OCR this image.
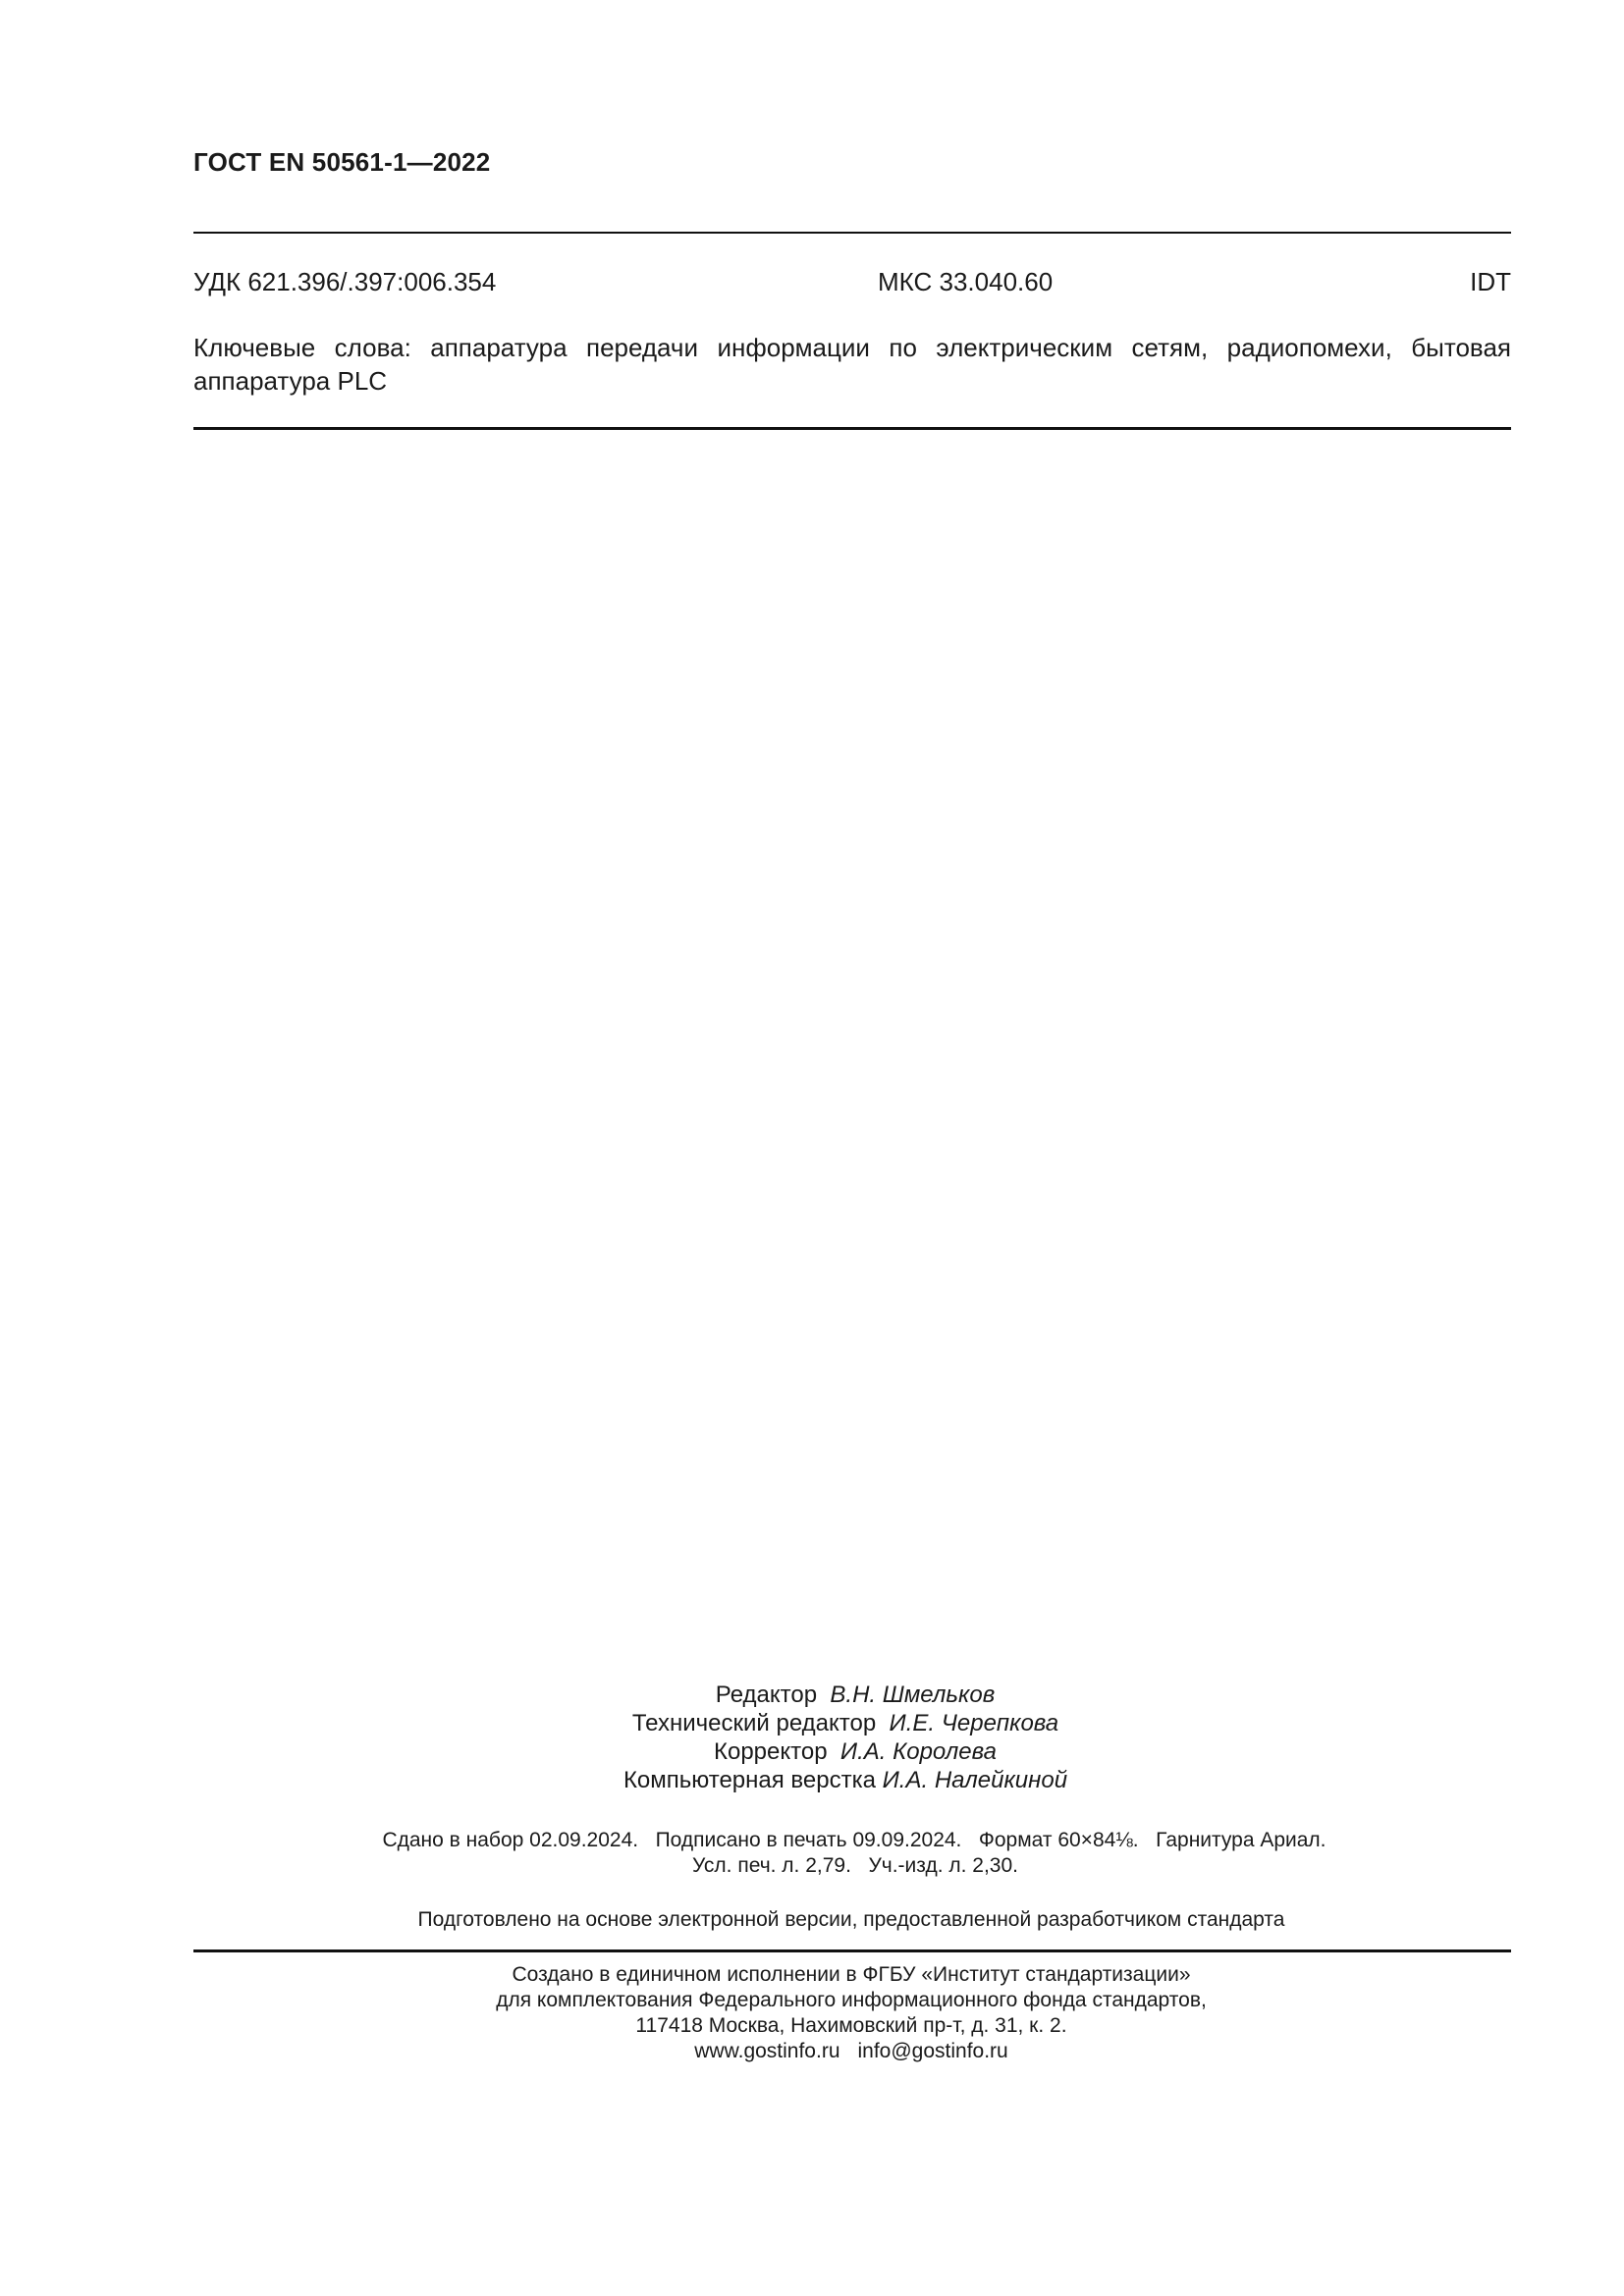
ГОСТ EN 50561-1—2022
УДК 621.396/.397:006.354	МКС 33.040.60	IDT
Ключевые слова: аппаратура передачи информации по электрическим сетям, радиопомехи, бытовая аппаратура PLC
Редактор В.Н. Шмельков
Технический редактор И.Е. Черепкова
Корректор И.А. Королева
Компьютерная верстка И.А. Налейкиной
Сдано в набор 02.09.2024.   Подписано в печать 09.09.2024.   Формат 60×84⅛.   Гарнитура Ариал.
Усл. печ. л. 2,79.   Уч.-изд. л. 2,30.
Подготовлено на основе электронной версии, предоставленной разработчиком стандарта
Создано в единичном исполнении в ФГБУ «Институт стандартизации»
для комплектования Федерального информационного фонда стандартов,
117418 Москва, Нахимовский пр-т, д. 31, к. 2.
www.gostinfo.ru info@gostinfo.ru
